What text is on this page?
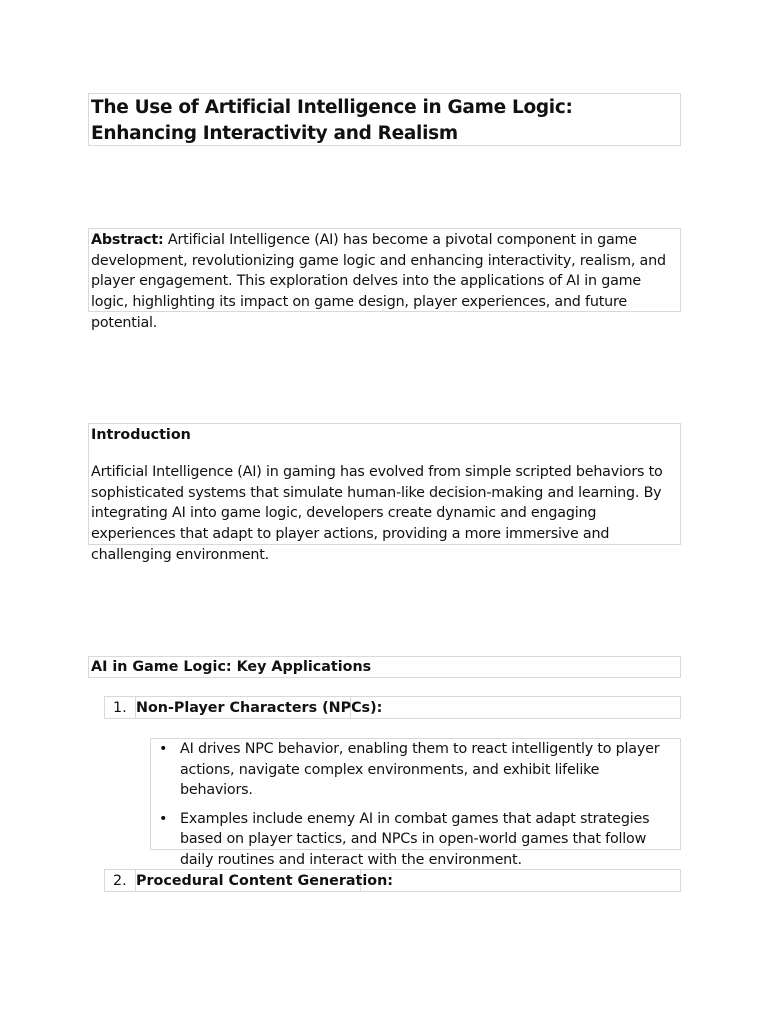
The Use of Artificial Intelligence in Game Logic: Enhancing Interactivity and Realism

Abstract: Artificial Intelligence (AI) has become a pivotal component in game development, revolutionizing game logic and enhancing interactivity, realism, and player engagement. This exploration delves into the applications of AI in game logic, highlighting its impact on game design, player experiences, and future potential.

Introduction

Artificial Intelligence (AI) in gaming has evolved from simple scripted behaviors to sophisticated systems that simulate human-like decision-making and learning. By integrating AI into game logic, developers create dynamic and engaging experiences that adapt to player actions, providing a more immersive and challenging environment.

AI in Game Logic: Key Applications
1. Non-Player Characters (NPCs):
• AI drives NPC behavior, enabling them to react intelligently to player actions, navigate complex environments, and exhibit lifelike behaviors.
• Examples include enemy AI in combat games that adapt strategies based on player tactics, and NPCs in open-world games that follow daily routines and interact with the environment.
2. Procedural Content Generation:
